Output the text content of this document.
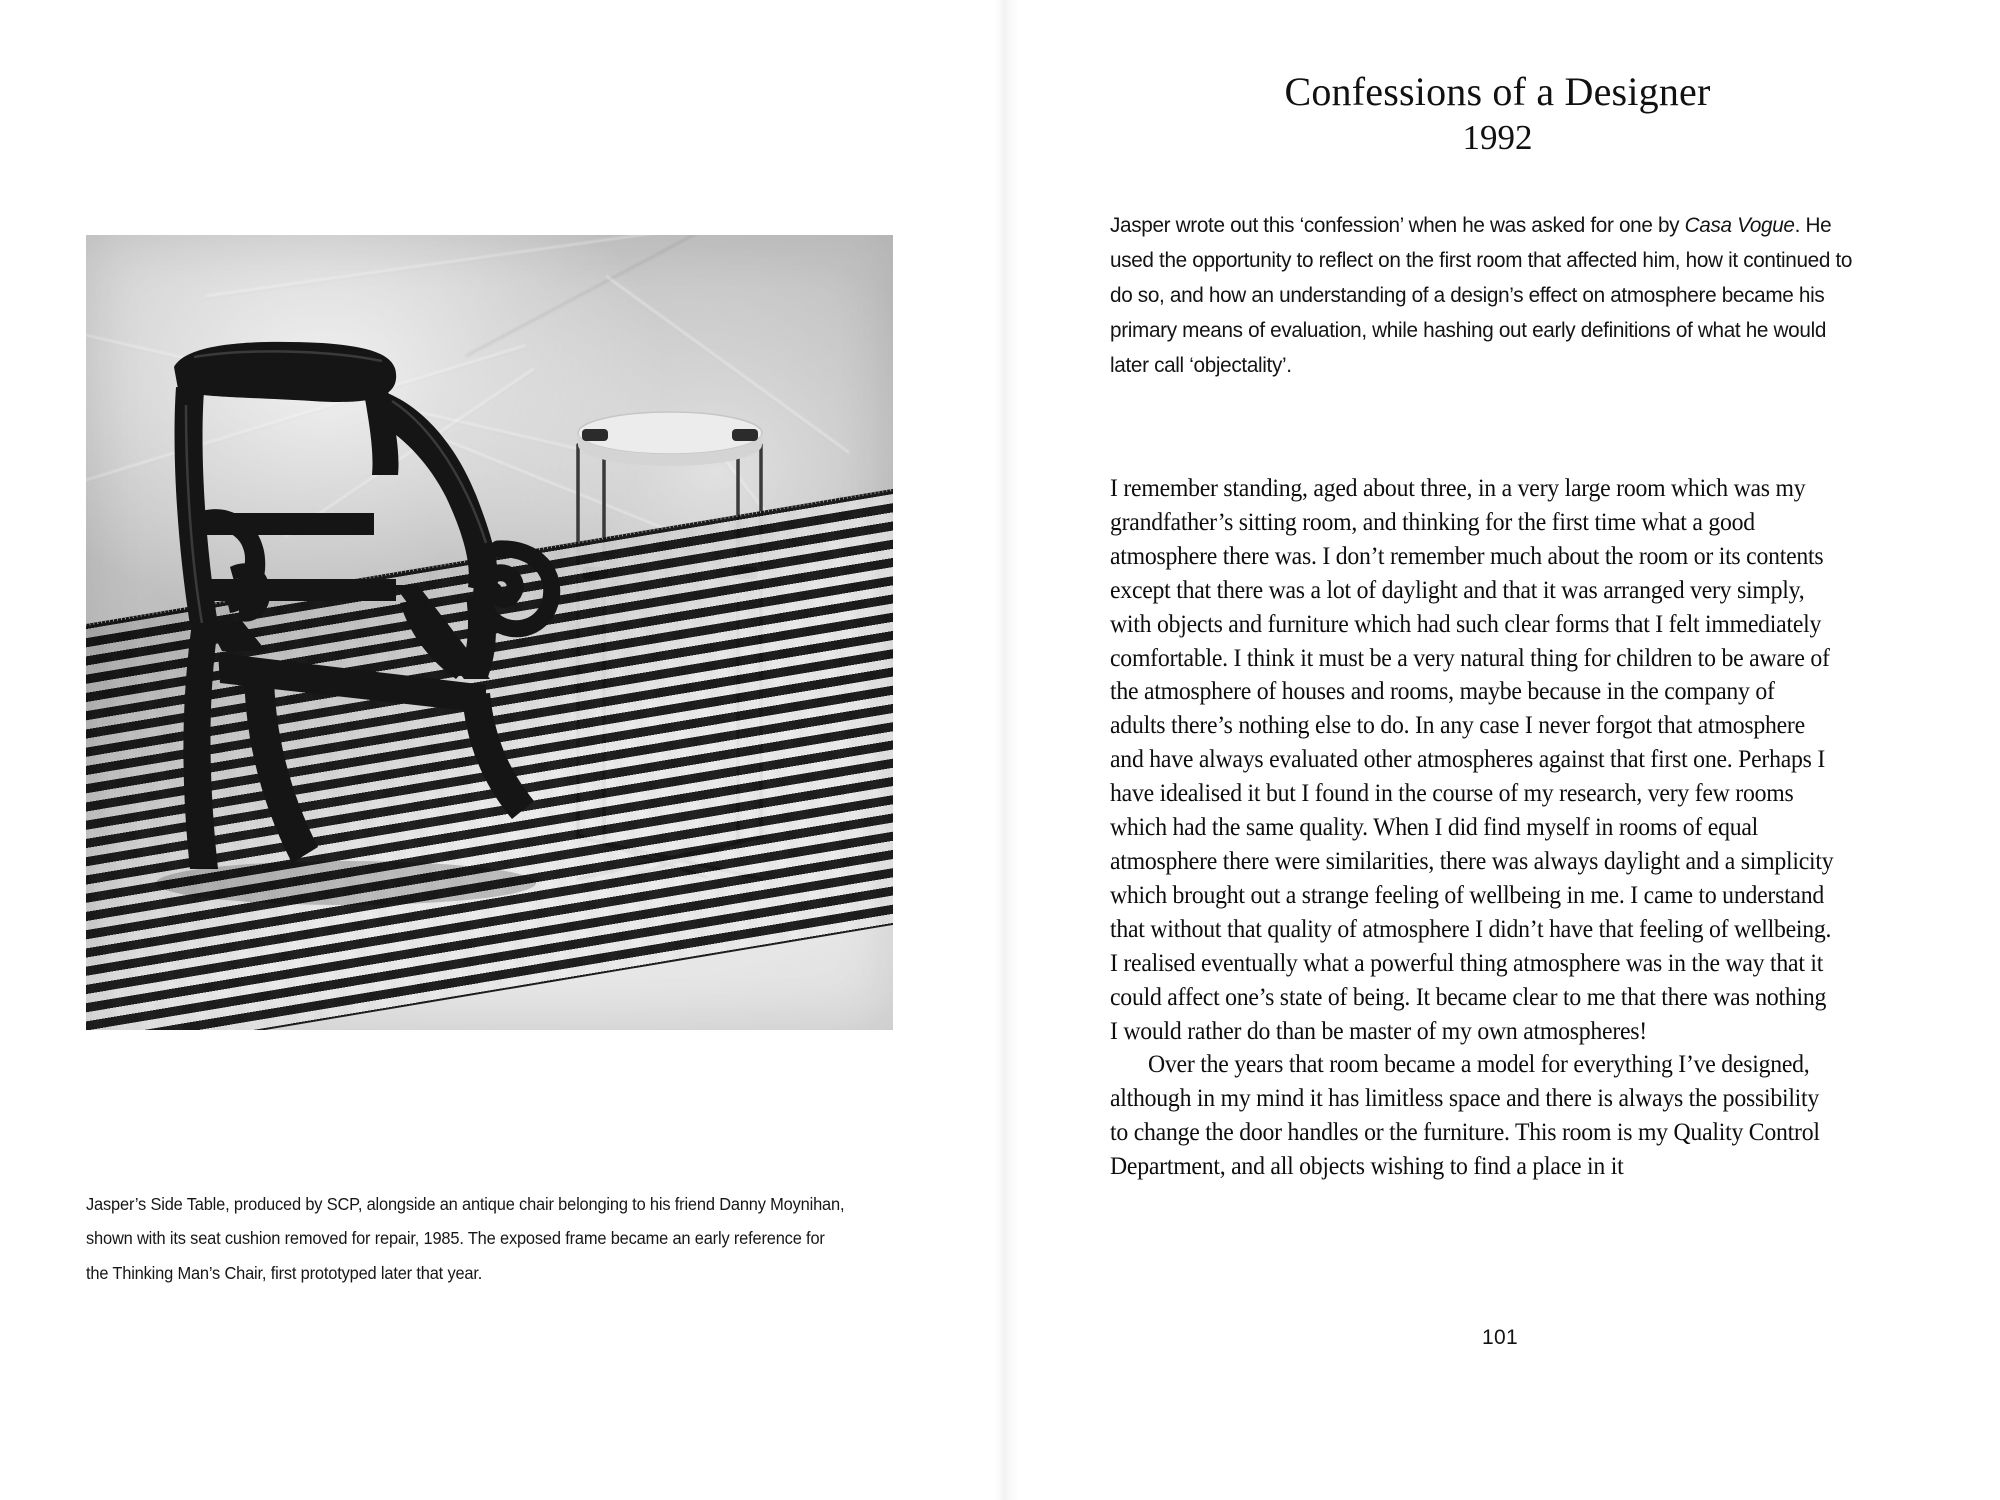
Jasper’s Side Table, produced by SCP, alongside an antique chair belonging to his friend Danny Moynihan, shown with its seat cushion removed for repair, 1985. The exposed frame became an early reference for the Thinking Man’s Chair, first prototyped later that year.
Confessions of a Designer
1992
Jasper wrote out this ‘confession’ when he was asked for one by Casa Vogue. He used the opportunity to reflect on the first room that affected him, how it continued to do so, and how an understanding of a design’s effect on atmosphere became his primary means of evaluation, while hashing out early definitions of what he would later call ‘objectality’.

I remember standing, aged about three, in a very large room which was my grandfather’s sitting room, and thinking for the first time what a good atmosphere there was. I don’t remember much about the room or its contents except that there was a lot of daylight and that it was arranged very simply, with objects and furniture which had such clear forms that I felt immediately comfortable. I think it must be a very natural thing for children to be aware of the atmosphere of houses and rooms, maybe because in the company of adults there’s nothing else to do. In any case I never forgot that atmosphere and have always evaluated other atmospheres against that first one. Perhaps I have idealised it but I found in the course of my research, very few rooms which had the same quality. When I did find myself in rooms of equal atmosphere there were similarities, there was always daylight and a simplicity which brought out a strange feeling of wellbeing in me. I came to understand that without that quality of atmosphere I didn’t have that feeling of wellbeing. I realised eventually what a powerful thing atmosphere was in the way that it could affect one’s state of being. It became clear to me that there was nothing I would rather do than be master of my own atmospheres!

Over the years that room became a model for everything I’ve designed, although in my mind it has limitless space and there is always the possibility to change the door handles or the furniture. This room is my Quality Control Department, and all objects wishing to find a place in it

101
